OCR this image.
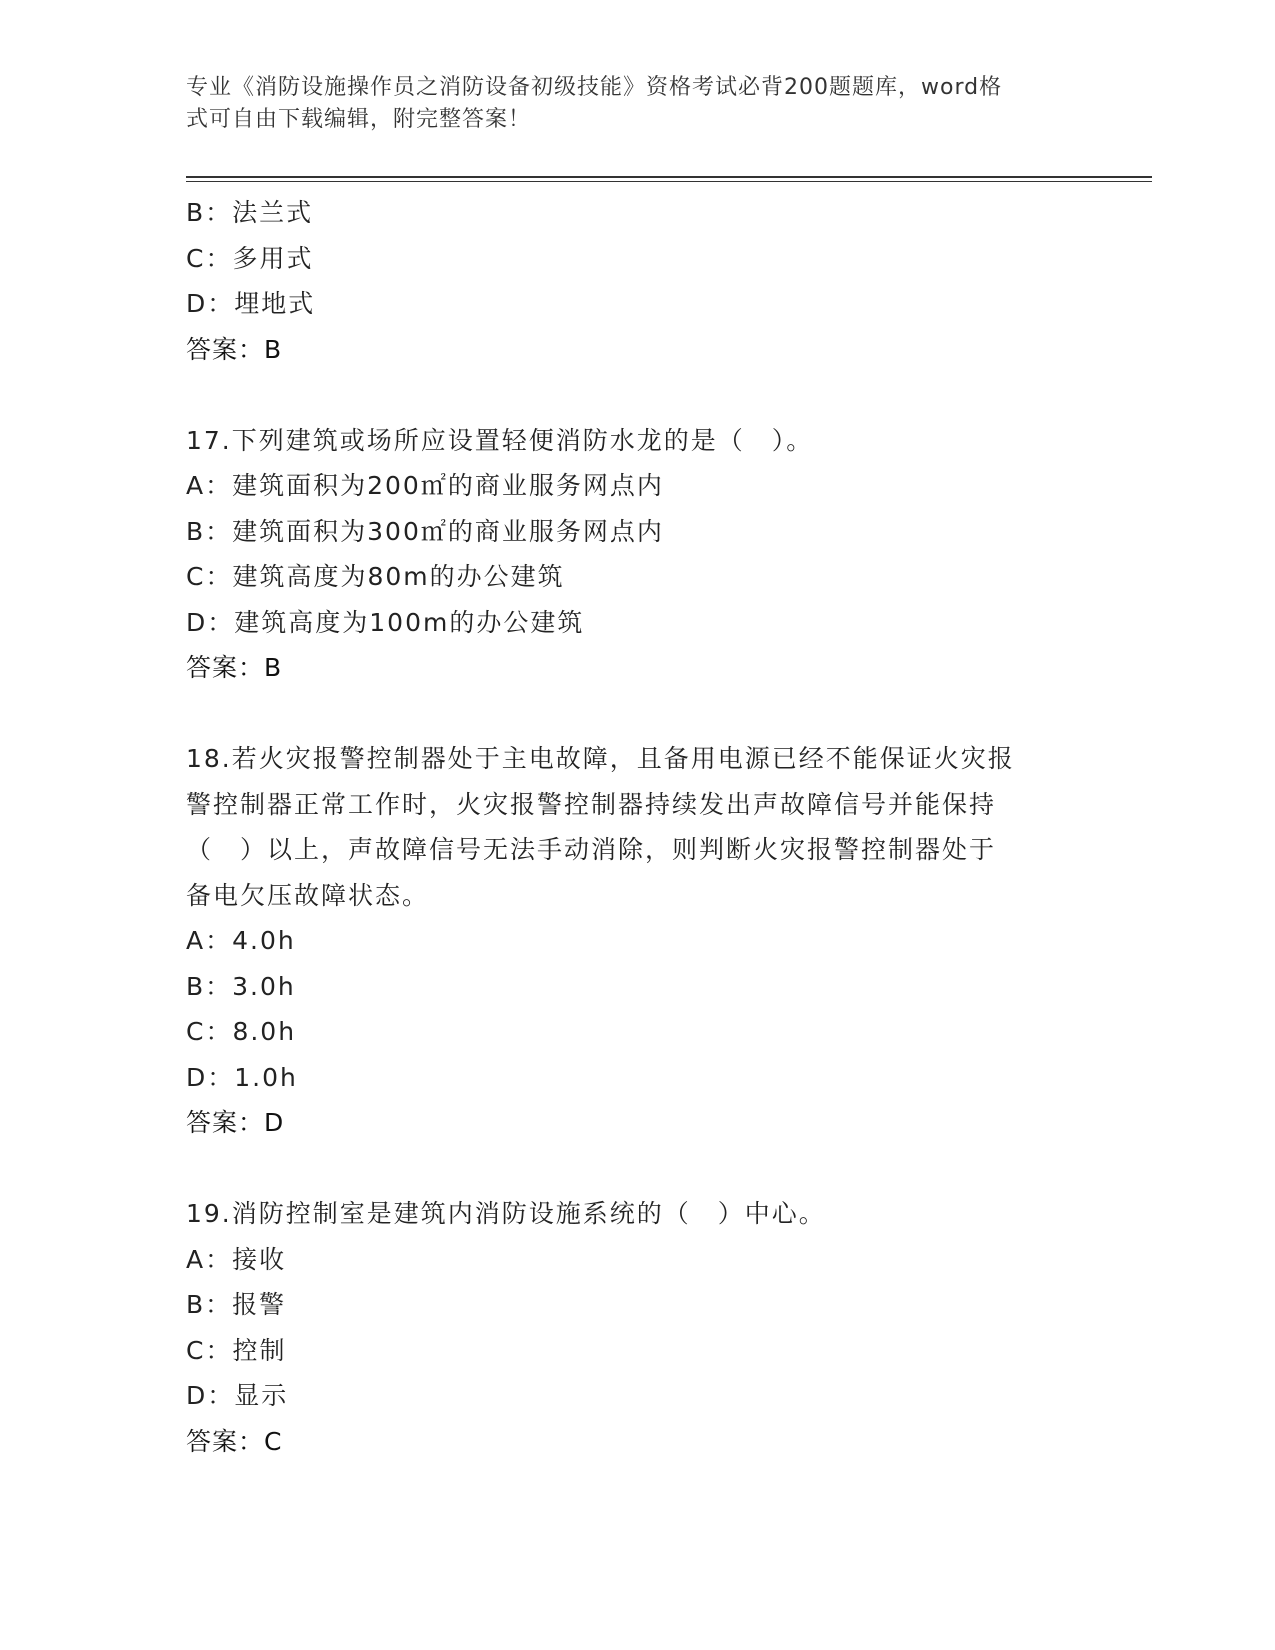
专业《消防设施操作员之消防设备初级技能》资格考试必背200题题库，word格
式可自由下载编辑，附完整答案！
B：法兰式
C：多用式
D：埋地式
答案：B
17.下列建筑或场所应设置轻便消防水龙的是（　）。
A：建筑面积为200㎡的商业服务网点内
B：建筑面积为300㎡的商业服务网点内
C：建筑高度为80m的办公建筑
D：建筑高度为100m的办公建筑
答案：B
18.若火灾报警控制器处于主电故障，且备用电源已经不能保证火灾报
警控制器正常工作时，火灾报警控制器持续发出声故障信号并能保持
（　）以上，声故障信号无法手动消除，则判断火灾报警控制器处于
备电欠压故障状态。
A：4.0h
B：3.0h
C：8.0h
D：1.0h
答案：D
19.消防控制室是建筑内消防设施系统的（　）中心。
A：接收
B：报警
C：控制
D：显示
答案：C
